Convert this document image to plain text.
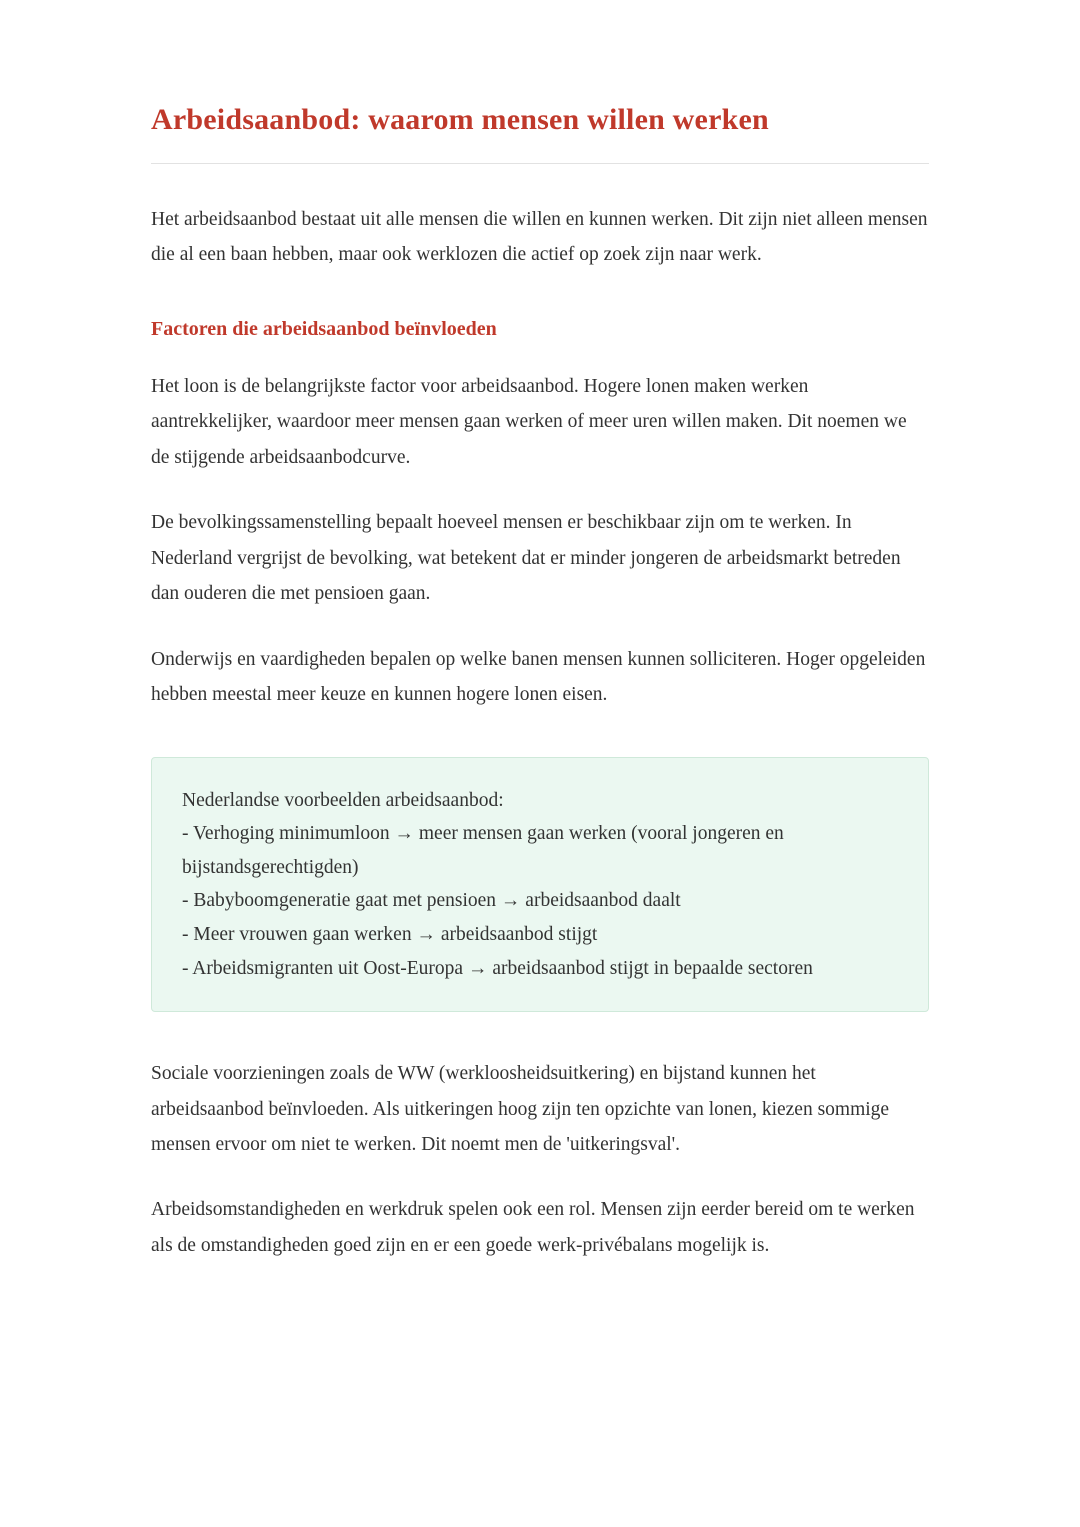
Arbeidsaanbod: waarom mensen willen werken

Het arbeidsaanbod bestaat uit alle mensen die willen en kunnen werken. Dit zijn niet alleen mensen die al een baan hebben, maar ook werklozen die actief op zoek zijn naar werk.

Factoren die arbeidsaanbod beïnvloeden

Het loon is de belangrijkste factor voor arbeidsaanbod. Hogere lonen maken werken aantrekkelijker, waardoor meer mensen gaan werken of meer uren willen maken. Dit noemen we de stijgende arbeidsaanbodcurve.

De bevolkingssamenstelling bepaalt hoeveel mensen er beschikbaar zijn om te werken. In Nederland vergrijst de bevolking, wat betekent dat er minder jongeren de arbeidsmarkt betreden dan ouderen die met pensioen gaan.

Onderwijs en vaardigheden bepalen op welke banen mensen kunnen solliciteren. Hoger opgeleiden hebben meestal meer keuze en kunnen hogere lonen eisen.

Nederlandse voorbeelden arbeidsaanbod:
- Verhoging minimumloon → meer mensen gaan werken (vooral jongeren en bijstandsgerechtigden)
- Babyboomgeneratie gaat met pensioen → arbeidsaanbod daalt
- Meer vrouwen gaan werken → arbeidsaanbod stijgt
- Arbeidsmigranten uit Oost-Europa → arbeidsaanbod stijgt in bepaalde sectoren

Sociale voorzieningen zoals de WW (werkloosheidsuitkering) en bijstand kunnen het arbeidsaanbod beïnvloeden. Als uitkeringen hoog zijn ten opzichte van lonen, kiezen sommige mensen ervoor om niet te werken. Dit noemt men de 'uitkeringsval'.

Arbeidsomstandigheden en werkdruk spelen ook een rol. Mensen zijn eerder bereid om te werken als de omstandigheden goed zijn en er een goede werk-privébalans mogelijk is.
